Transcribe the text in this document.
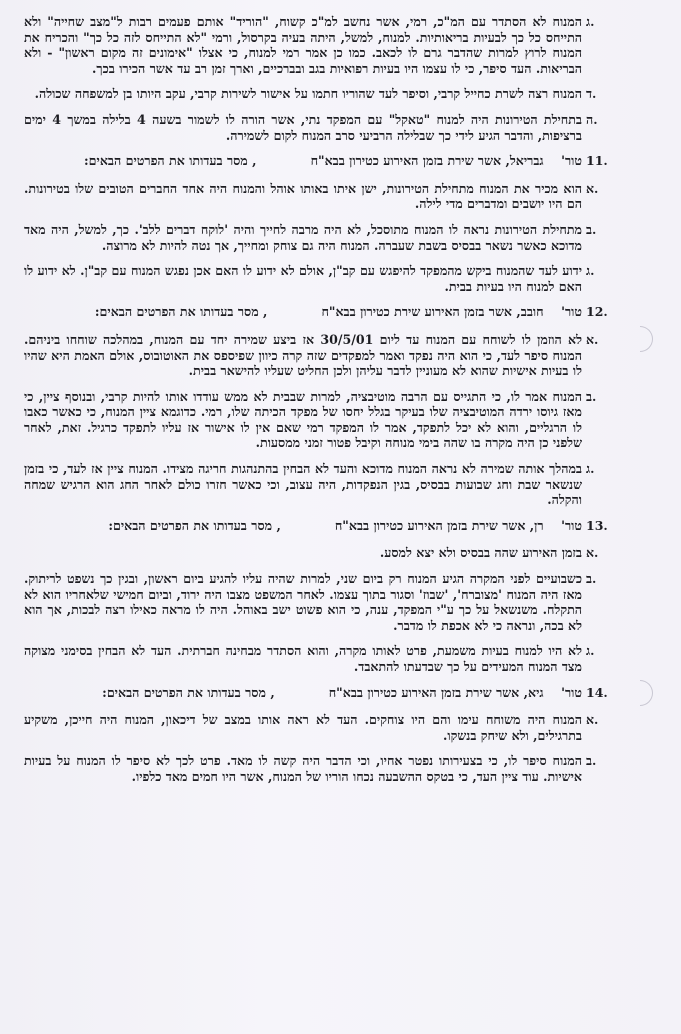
ג.
המנוח לא הסתדר עם המ"כ, רמי, אשר נחשב למ"כ קשוח, "הוריד" אותם פעמים רבות ל"מצב שחייה" ולא התייחס כל כך לבעיות בריאותיות. למנוח, למשל, היתה בעיה בקרסול, ורמי "לא התייחס לזה כל כך" והכריח את המנוח לרוץ למרות שהדבר גרם לו לכאב. כמו כן אמר רמי למנוח, כי אצלו "אימונים זה מקום ראשון" - ולא הבריאות. העד סיפר, כי לו עצמו היו בעיות רפואיות בגב ובברכיים, וארך זמן רב עד אשר הכירו בכך.
ד.
המנוח רצה לשרת כחייל קרבי, וסיפר לעד שהוריו חתמו על אישור לשירות קרבי, עקב היותו בן למשפחה שכולה.
ה.
בתחילת הטירונות היה למנוח "טאקל" עם המפקד נתי, אשר הורה לו לשמור בשעה 4 בלילה במשך 4 ימים ברציפות, והדבר הגיע לידי כך שבלילה הרביעי סרב המנוח לקום לשמירה.
11.
טור'    גבריאל, אשר שירת בזמן האירוע כטירון בבא"ח, מסר בעדותו את הפרטים הבאים:
א.
הוא מכיר את המנוח מתחילת הטירונות, ישן איתו באותו אוהל והמנוח היה אחד החברים הטובים שלו בטירונות. הם היו יושבים ומדברים מדי לילה.
ב.
מתחילת הטירונות נראה לו המנוח מתוסכל, לא היה מרבה לחייך והיה 'לוקח דברים ללב'. כך, למשל, היה מאד מדוכא כאשר נשאר בבסיס בשבת שעברה. המנוח היה גם צוחק ומחייך, אך נטה להיות לא מרוצה.
ג.
ידוע לעד שהמנוח ביקש מהמפקד להיפגש עם קב"ן, אולם לא ידוע לו האם אכן נפגש המנוח עם קב"ן. לא ידוע לו האם למנוח היו בעיות בבית.
12.
טור'    חובב, אשר בזמן האירוע שירת כטירון בבא"ח, מסר בעדותו את הפרטים הבאים:
א.
לא הוזמן לו לשוחח עם המנוח עד ליום 30/5/01 אז ביצע שמירה יחד עם המנוח, במהלכה שוחחו ביניהם. המנוח סיפר לעד, כי הוא היה נפקד ואמר למפקדים שזה קרה כיוון שפיספס את האוטובוס, אולם האמת היא שהיו לו בעיות אישיות שהוא לא מעוניין לדבר עליהן ולכן החליט שעליו להישאר בבית.
ב.
המנוח אמר לו, כי התגייס עם הרבה מוטיבציה, למרות שבבית לא ממש עודדו אותו להיות קרבי, ובנוסף ציין, כי מאז גיוסו ירדה המוטיבציה שלו בעיקר בגלל יחסו של מפקד הכיתה שלו, רמי. כדוגמא ציין המנוח, כי כאשר כאבו לו הרגליים, והוא לא יכל לתפקד, אמר לו המפקד רמי שאם אין לו אישור אז עליו לתפקד כרגיל. זאת, לאחר שלפני כן היה מקרה בו שהה בימי מנוחה וקיבל פטור זמני ממסעות.
ג.
במהלך אותה שמירה לא נראה המנוח מדוכא והעד לא הבחין בהתנהגות חריגה מצידו. המנוח ציין אז לעד, כי בזמן שנשאר שבת וחג שבועות בבסיס, בגין הנפקדות, היה עצוב, וכי כאשר חזרו כולם לאחר החג הוא הרגיש שמחה והקלה.
13.
טור'    רן, אשר שירת בזמן האירוע כטירון בבא"ח, מסר בעדותו את הפרטים הבאים:
א.
בזמן האירוע שהה בבסיס ולא יצא למסע.
ב.
כשבועיים לפני המקרה הגיע המנוח רק ביום שני, למרות שהיה עליו להגיע ביום ראשון, ובגין כך נשפט לריתוק. מאז היה המנוח 'מצוברח', 'שבוז' וסגור בתוך עצמו. לאחר המשפט מצבו היה ירוד, וביום חמישי שלאחריו הוא לא התקלח. משנשאל על כך ע"י המפקד, ענה, כי הוא פשוט ישב באוהל. היה לו מראה כאילו רצה לבכות, אך הוא לא בכה, ונראה כי לא אכפת לו מדבר.
ג.
לא היו למנוח בעיות משמעת, פרט לאותו מקרה, והוא הסתדר מבחינה חברתית. העד לא הבחין בסימני מצוקה מצד המנוח המעידים על כך שבדעתו להתאבד.
14.
טור'    גיא, אשר שירת בזמן האירוע כטירון בבא"ח, מסר בעדותו את הפרטים הבאים:
א.
המנוח היה משוחח עימו והם היו צוחקים. העד לא ראה אותו במצב של דיכאון, המנוח היה חייכן, משקיע בתרגילים, ולא שיחק בנשקו.
ב.
המנוח סיפר לו, כי בצעירותו נפטר אחיו, וכי הדבר היה קשה לו מאד. פרט לכך לא סיפר לו המנוח על בעיות אישיות. עוד ציין העד, כי בטקס ההשבעה נכחו הוריו של המנוח, אשר היו חמים מאד כלפיו.
